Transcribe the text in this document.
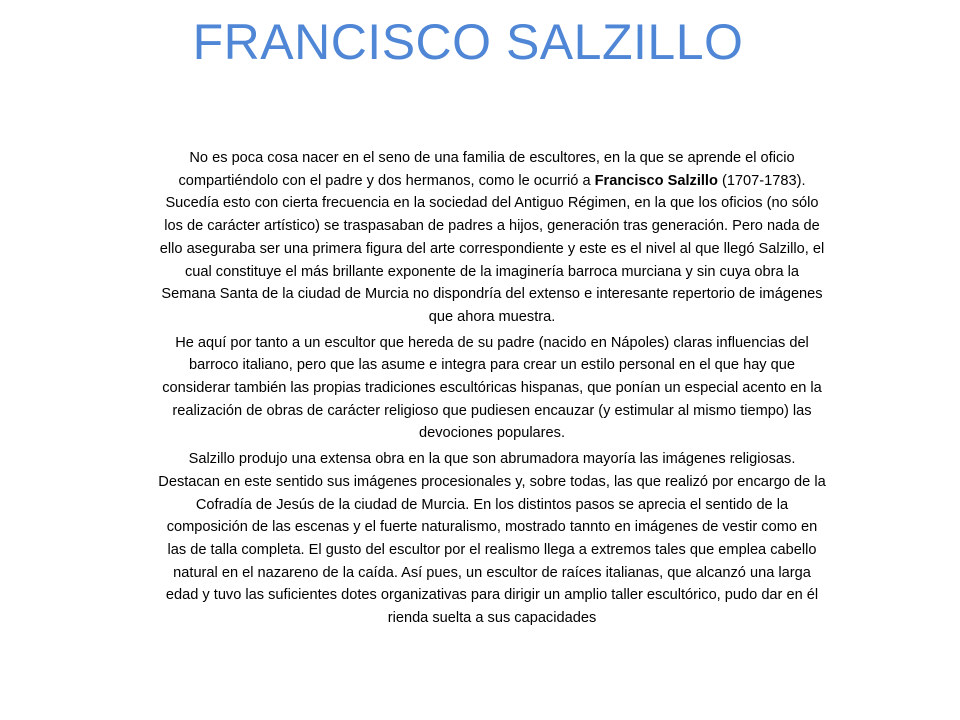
FRANCISCO SALZILLO

No es poca cosa nacer en el seno de una familia de escultores, en la que se aprende el oficio compartiéndolo con el padre y dos hermanos, como le ocurrió a Francisco Salzillo (1707-1783). Sucedía esto con cierta frecuencia en la sociedad del Antiguo Régimen, en la que los oficios (no sólo los de carácter artístico) se traspasaban de padres a hijos, generación tras generación. Pero nada de ello aseguraba ser una primera figura del arte correspondiente y este es el nivel al que llegó Salzillo, el cual constituye el más brillante exponente de la imaginería barroca murciana y sin cuya obra la Semana Santa de la ciudad de Murcia no dispondría del extenso e interesante repertorio de imágenes que ahora muestra.

He aquí por tanto a un escultor que hereda de su padre (nacido en Nápoles) claras influencias del barroco italiano, pero que las asume e integra para crear un estilo personal en el que hay que considerar también las propias tradiciones escultóricas hispanas, que ponían un especial acento en la realización de obras de carácter religioso que pudiesen encauzar (y estimular al mismo tiempo) las devociones populares.

Salzillo produjo una extensa obra en la que son abrumadora mayoría las imágenes religiosas. Destacan en este sentido sus imágenes procesionales y, sobre todas, las que realizó por encargo de la Cofradía de Jesús de la ciudad de Murcia. En los distintos pasos se aprecia el sentido de la composición de las escenas y el fuerte naturalismo, mostrado tannto en imágenes de vestir como en las de talla completa. El gusto del escultor por el realismo llega a extremos tales que emplea cabello natural en el nazareno de la caída. Así pues, un escultor de raíces italianas, que alcanzó una larga edad y tuvo las suficientes dotes organizativas para dirigir un amplio taller escultórico, pudo dar en él rienda suelta a sus capacidades
